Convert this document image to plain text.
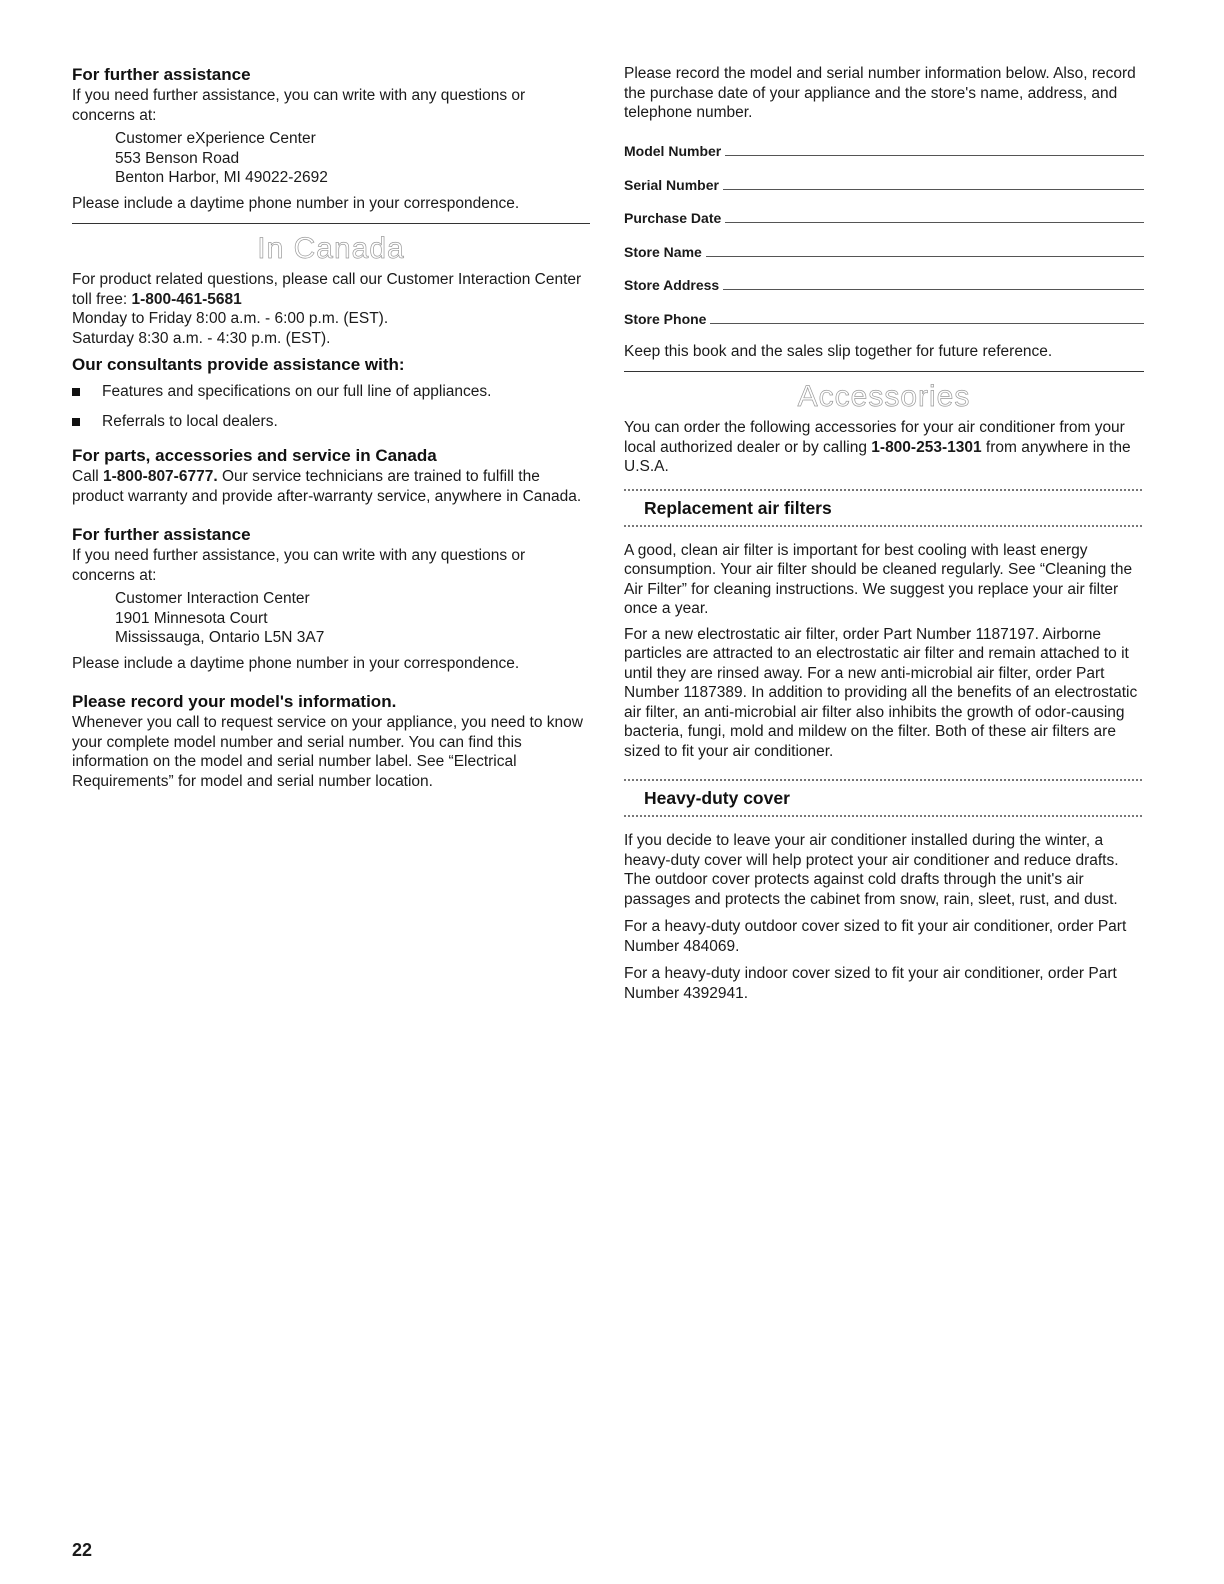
For further assistance

If you need further assistance, you can write with any questions or concerns at:

Customer eXperience Center
553 Benson Road
Benton Harbor, MI 49022-2692

Please include a daytime phone number in your correspondence.

In Canada

For product related questions, please call our Customer Interaction Center toll free: 1-800-461-5681

Monday to Friday 8:00 a.m. - 6:00 p.m. (EST).

Saturday 8:30 a.m. - 4:30 p.m. (EST).

Our consultants provide assistance with:
Features and specifications on our full line of appliances.
Referrals to local dealers.
For parts, accessories and service in Canada

Call 1-800-807-6777. Our service technicians are trained to fulfill the product warranty and provide after-warranty service, anywhere in Canada.

For further assistance

If you need further assistance, you can write with any questions or concerns at:

Customer Interaction Center
1901 Minnesota Court
Mississauga, Ontario L5N 3A7

Please include a daytime phone number in your correspondence.

Please record your model's information.

Whenever you call to request service on your appliance, you need to know your complete model number and serial number. You can find this information on the model and serial number label. See “Electrical Requirements” for model and serial number location.

Please record the model and serial number information below. Also, record the purchase date of your appliance and the store's name, address, and telephone number.

Model Number
Serial Number
Purchase Date
Store Name
Store Address
Store Phone

Keep this book and the sales slip together for future reference.

Accessories

You can order the following accessories for your air conditioner from your local authorized dealer or by calling 1-800-253-1301 from anywhere in the U.S.A.

Replacement air filters

A good, clean air filter is important for best cooling with least energy consumption. Your air filter should be cleaned regularly. See “Cleaning the Air Filter” for cleaning instructions. We suggest you replace your air filter once a year.

For a new electrostatic air filter, order Part Number 1187197. Airborne particles are attracted to an electrostatic air filter and remain attached to it until they are rinsed away. For a new anti-microbial air filter, order Part Number 1187389. In addition to providing all the benefits of an electrostatic air filter, an anti-microbial air filter also inhibits the growth of odor-causing bacteria, fungi, mold and mildew on the filter. Both of these air filters are sized to fit your air conditioner.

Heavy-duty cover

If you decide to leave your air conditioner installed during the winter, a heavy-duty cover will help protect your air conditioner and reduce drafts. The outdoor cover protects against cold drafts through the unit's air passages and protects the cabinet from snow, rain, sleet, rust, and dust.

For a heavy-duty outdoor cover sized to fit your air conditioner, order Part Number 484069.

For a heavy-duty indoor cover sized to fit your air conditioner, order Part Number 4392941.

22
